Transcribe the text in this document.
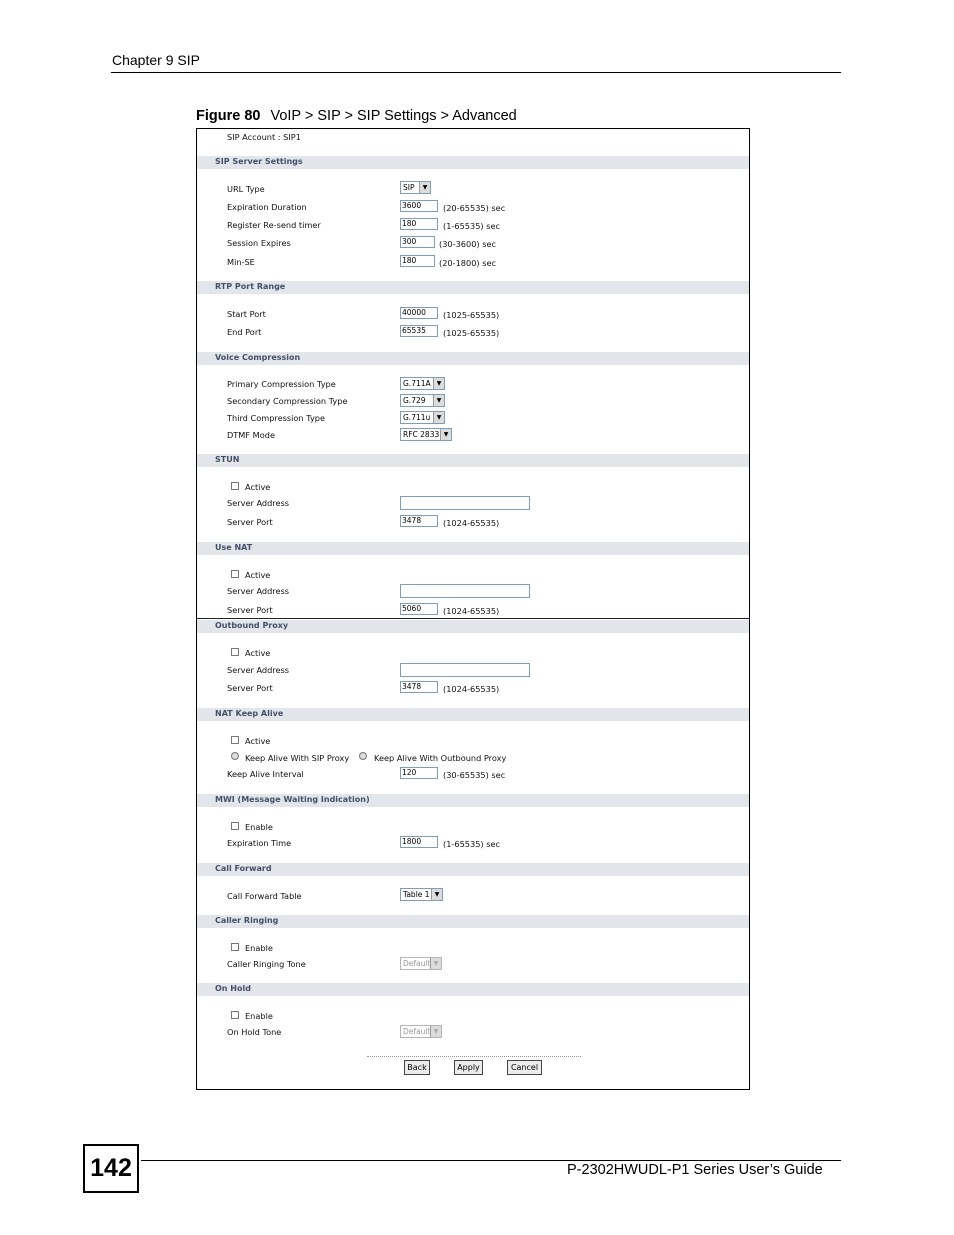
Chapter 9 SIP
Figure 80 VoIP > SIP > SIP Settings > Advanced
SIP Account : SIP1
SIP Server Settings
URL Type	SIP	▼
Expiration Duration	3600	(20-65535) sec
Register Re-send timer	180	(1-65535) sec
Session Expires	300	(30-3600) sec
Min-SE	180	(20-1800) sec
RTP Port Range
Start Port	40000	(1025-65535)
End Port	65535	(1025-65535)
Voice Compression
Primary Compression Type	G.711A	▼
Secondary Compression Type	G.729	▼
Third Compression Type	G.711u	▼
DTMF Mode	RFC 2833 ▼
STUN
Active
Server Address
Server Port	3478	(1024-65535)
Use NAT
Active
Server Address
Server Port	5060	(1024-65535)
Outbound Proxy
Active
Server Address
Server Port	3478	(1024-65535)
NAT Keep Alive
Active
Keep Alive With SIP Proxy	Keep Alive With Outbound Proxy
Keep Alive Interval	120	(30-65535) sec
MWI (Message Waiting Indication)
Enable
Expiration Time	1800	(1-65535) sec
Call Forward
Call Forward Table	Table 1 ▼
Caller Ringing
Enable
Caller Ringing Tone	Default ▼
On Hold
Enable
On Hold Tone	Default ▼
Back	Apply	Cancel
142	P-2302HWUDL-P1 Series User’s Guide
